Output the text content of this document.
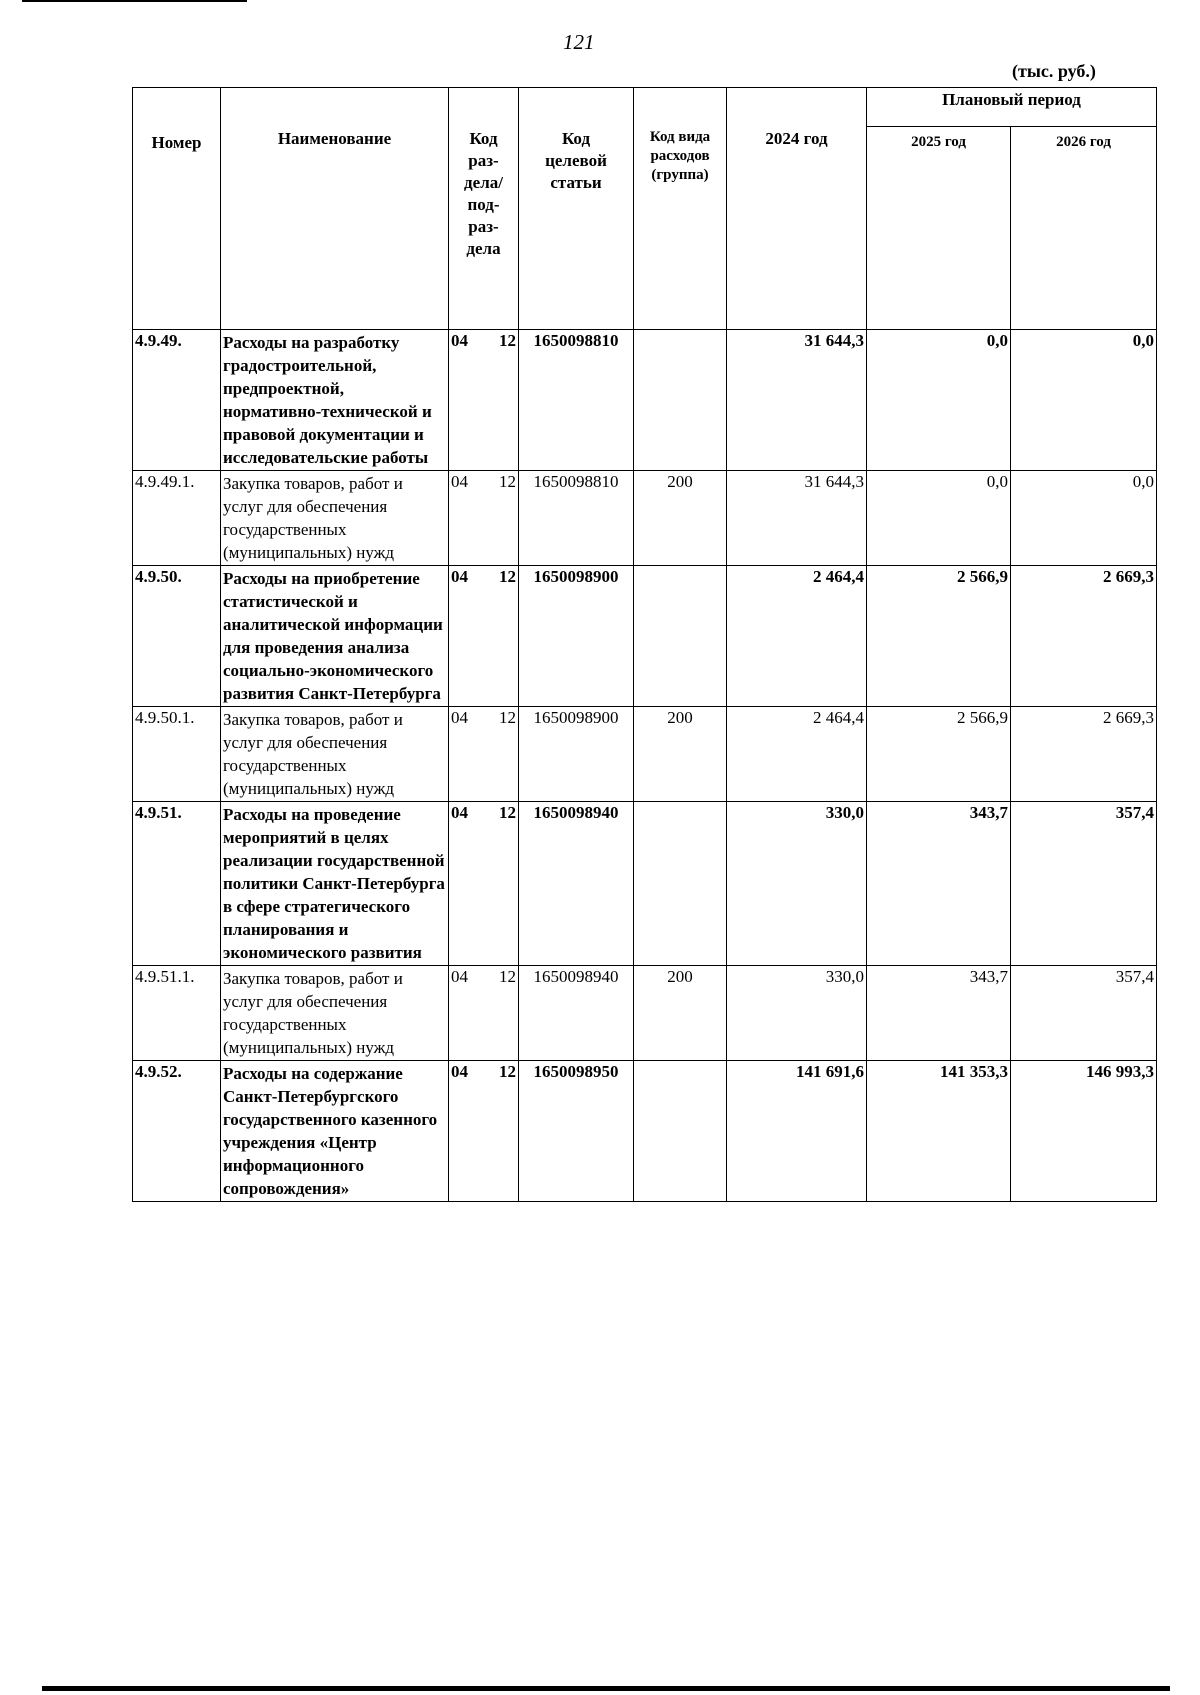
121
(тыс. руб.)
Номер	Наименование	Код раз-дела/ под-раз-дела	Код целевой статьи	Код вида расходов (группа)	2024 год	Плановый период	
						2025 год	2026 год
4.9.49.	Расходы на разработку градостроительной, предпроектной, нормативно-технической и правовой документации и исследовательские работы	04 12	1650098810		31 644,3	0,0	0,0
4.9.49.1.	Закупка товаров, работ и услуг для обеспечения государственных (муниципальных) нужд	04 12	1650098810	200	31 644,3	0,0	0,0
4.9.50.	Расходы на приобретение статистической и аналитической информации для проведения анализа социально-экономического развития Санкт-Петербурга	04 12	1650098900		2 464,4	2 566,9	2 669,3
4.9.50.1.	Закупка товаров, работ и услуг для обеспечения государственных (муниципальных) нужд	04 12	1650098900	200	2 464,4	2 566,9	2 669,3
4.9.51.	Расходы на проведение мероприятий в целях реализации государственной политики Санкт-Петербурга в сфере стратегического планирования и экономического развития	04 12	1650098940		330,0	343,7	357,4
4.9.51.1.	Закупка товаров, работ и услуг для обеспечения государственных (муниципальных) нужд	04 12	1650098940	200	330,0	343,7	357,4
4.9.52.	Расходы на содержание Санкт-Петербургского государственного казенного учреждения «Центр информационного сопровождения»	04 12	1650098950		141 691,6	141 353,3	146 993,3
